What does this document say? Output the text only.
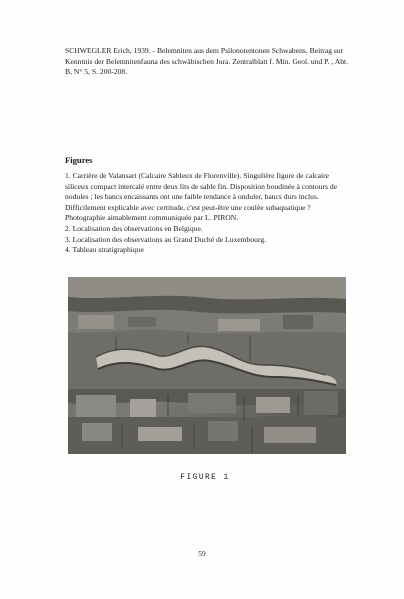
SCHWEGLER Erich, 1939. - Belemniten aus dem Psilonotentonen Schwabens. Beitrag sur Kenntnis der Belemnitenfauna des schwäbischen Jura. Zentralblatt f. Min. Geol. und P. , Abt. B, N° 5, S. 200-208.
Figures

1. Carrière de Valansart (Calcaire Sableux de Florenville). Singulière figure de calcaire siliceux compact intercalé entre deux lits de sable fin. Disposition boudinée à contours de nodules ; les bancs encaissants ont une faible tendance à onduler, bancs durs inclus. Difficilement explicable avec certitude, c'est peut-être une coulée subaquatique ? Photographie aimablement communiquée par L. PIRON.

2. Localisation des observations en Belgique.

3. Localisation des observations au Grand Duché de Luxembourg.

4. Tableau stratigraphique

FIGURE 1
59
